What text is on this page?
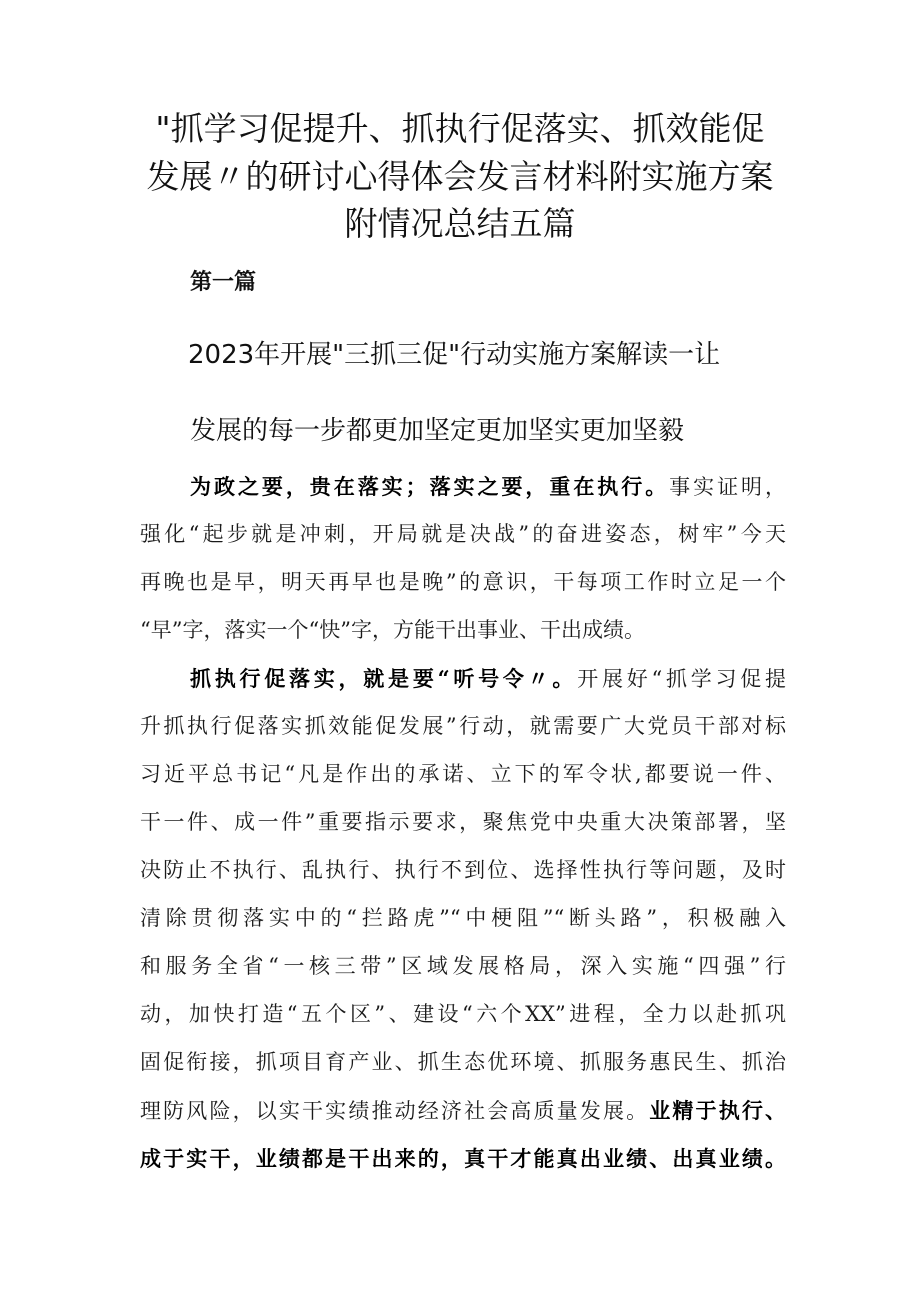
"抓学习促提升、抓执行促落实、抓效能促
发展〃的研讨心得体会发言材料附实施方案
附情况总结五篇
第一篇
2023年开展"三抓三促"行动实施方案解读一让
发展的每一步都更加坚定更加坚实更加坚毅
为政之要，贵在落实；落实之要，重在执行。事实证明，
强化“起步就是冲刺，开局就是决战”的奋进姿态，树牢”今天
再晚也是早，明天再早也是晚”的意识，干每项工作时立足一个
“早”字，落实一个“快”字，方能干出事业、干出成绩。
抓执行促落实，就是要“听号令〃。开展好“抓学习促提
升抓执行促落实抓效能促发展”行动，就需要广大党员干部对标
习近平总书记“凡是作出的承诺、立下的军令状,都要说一件、
干一件、成一件”重要指示要求，聚焦党中央重大决策部署，坚
决防止不执行、乱执行、执行不到位、选择性执行等问题，及时
清除贯彻落实中的“拦路虎”“中梗阻”“断头路”，积极融入
和服务全省“一核三带”区域发展格局，深入实施“四强”行
动，加快打造“五个区”、建设“六个XX”进程，全力以赴抓巩
固促衔接，抓项目育产业、抓生态优环境、抓服务惠民生、抓治
理防风险，以实干实绩推动经济社会高质量发展。业精于执行、
成于实干，业绩都是干出来的，真干才能真出业绩、出真业绩。
